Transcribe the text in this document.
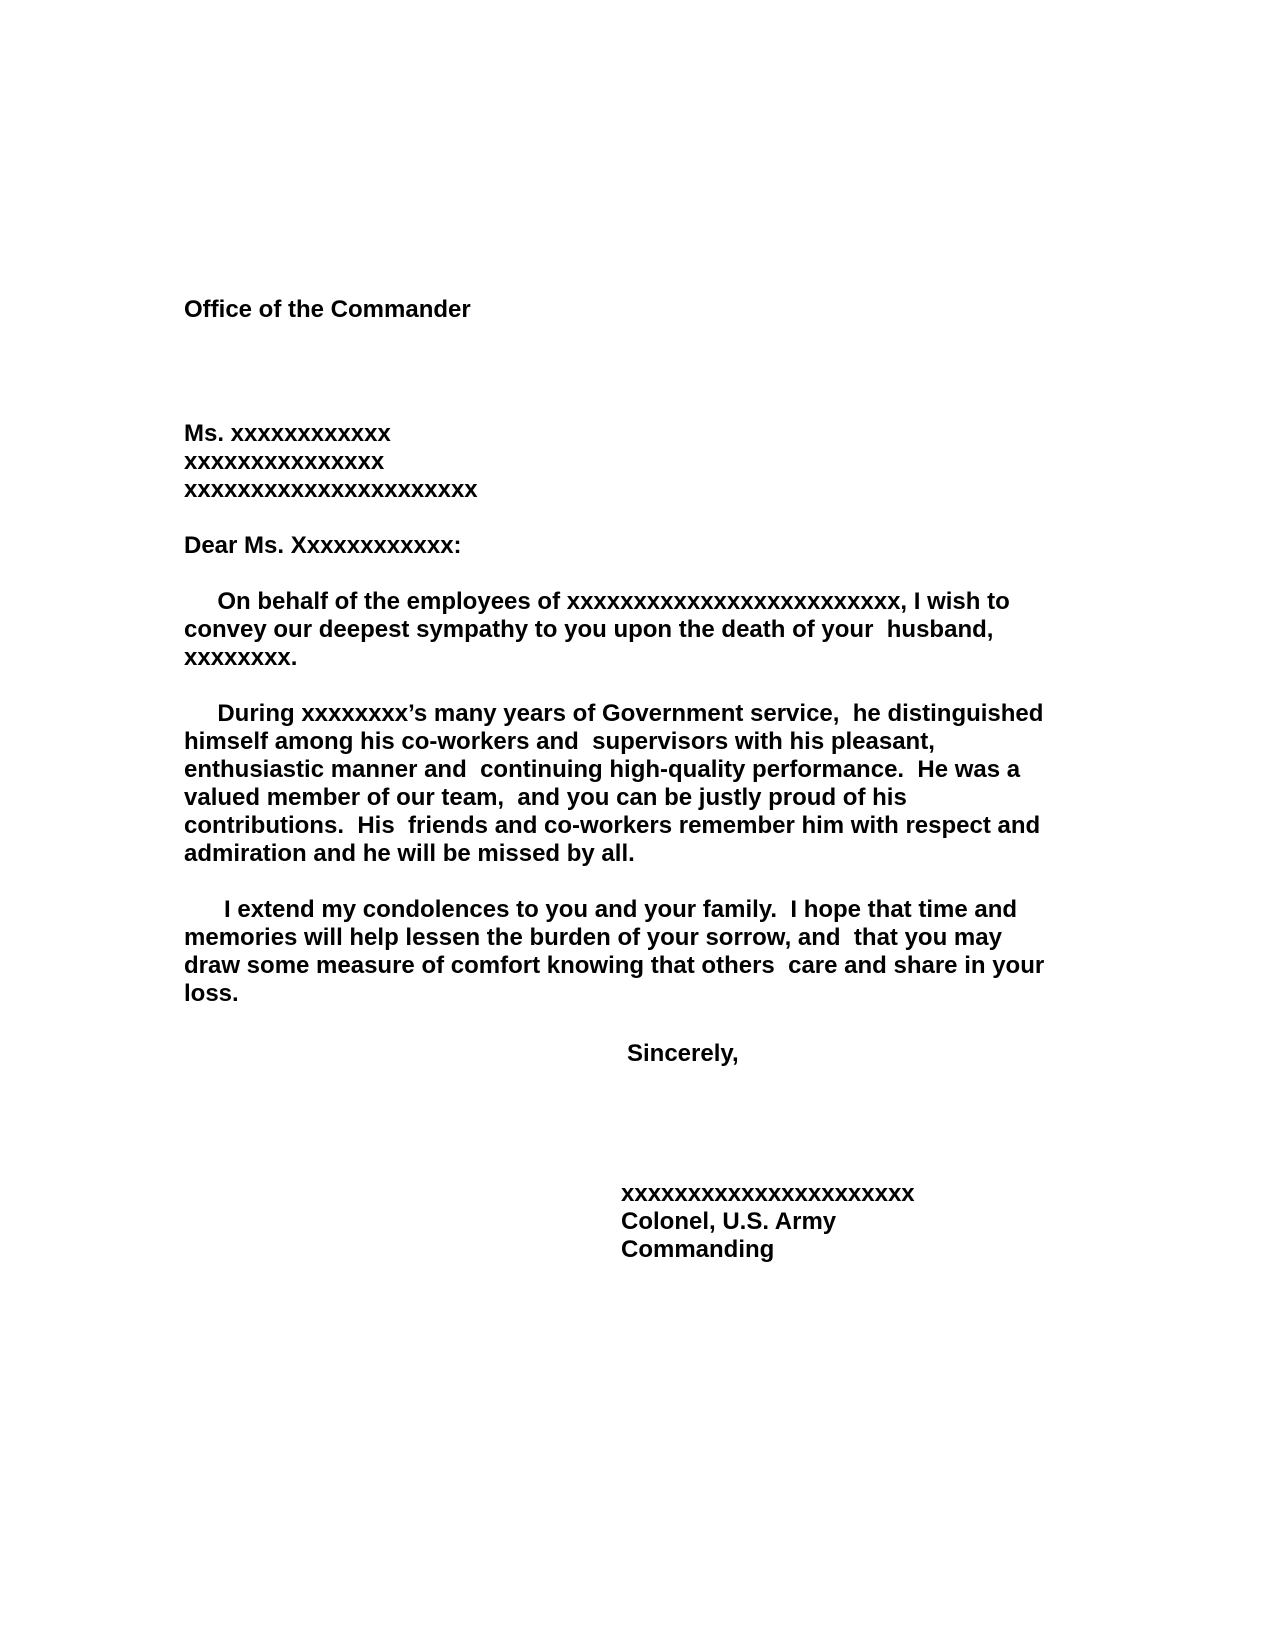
Office of the Commander

Ms. xxxxxxxxxxxx
xxxxxxxxxxxxxxx
xxxxxxxxxxxxxxxxxxxxxx

Dear Ms. Xxxxxxxxxxxx:

On behalf of the employees of xxxxxxxxxxxxxxxxxxxxxxxxx, I wish to
convey our deepest sympathy to you upon the death of your  husband,
xxxxxxxx.
During xxxxxxxx’s many years of Government service,  he distinguished
himself among his co-workers and  supervisors with his pleasant,
enthusiastic manner and  continuing high-quality performance.  He was a
valued member of our team,  and you can be justly proud of his
contributions.  His  friends and co-workers remember him with respect and
admiration and he will be missed by all.
I extend my condolences to you and your family.  I hope that time and
memories will help lessen the burden of your sorrow, and  that you may
draw some measure of comfort knowing that others  care and share in your
loss.

Sincerely,

xxxxxxxxxxxxxxxxxxxxxx
Colonel, U.S. Army
Commanding
